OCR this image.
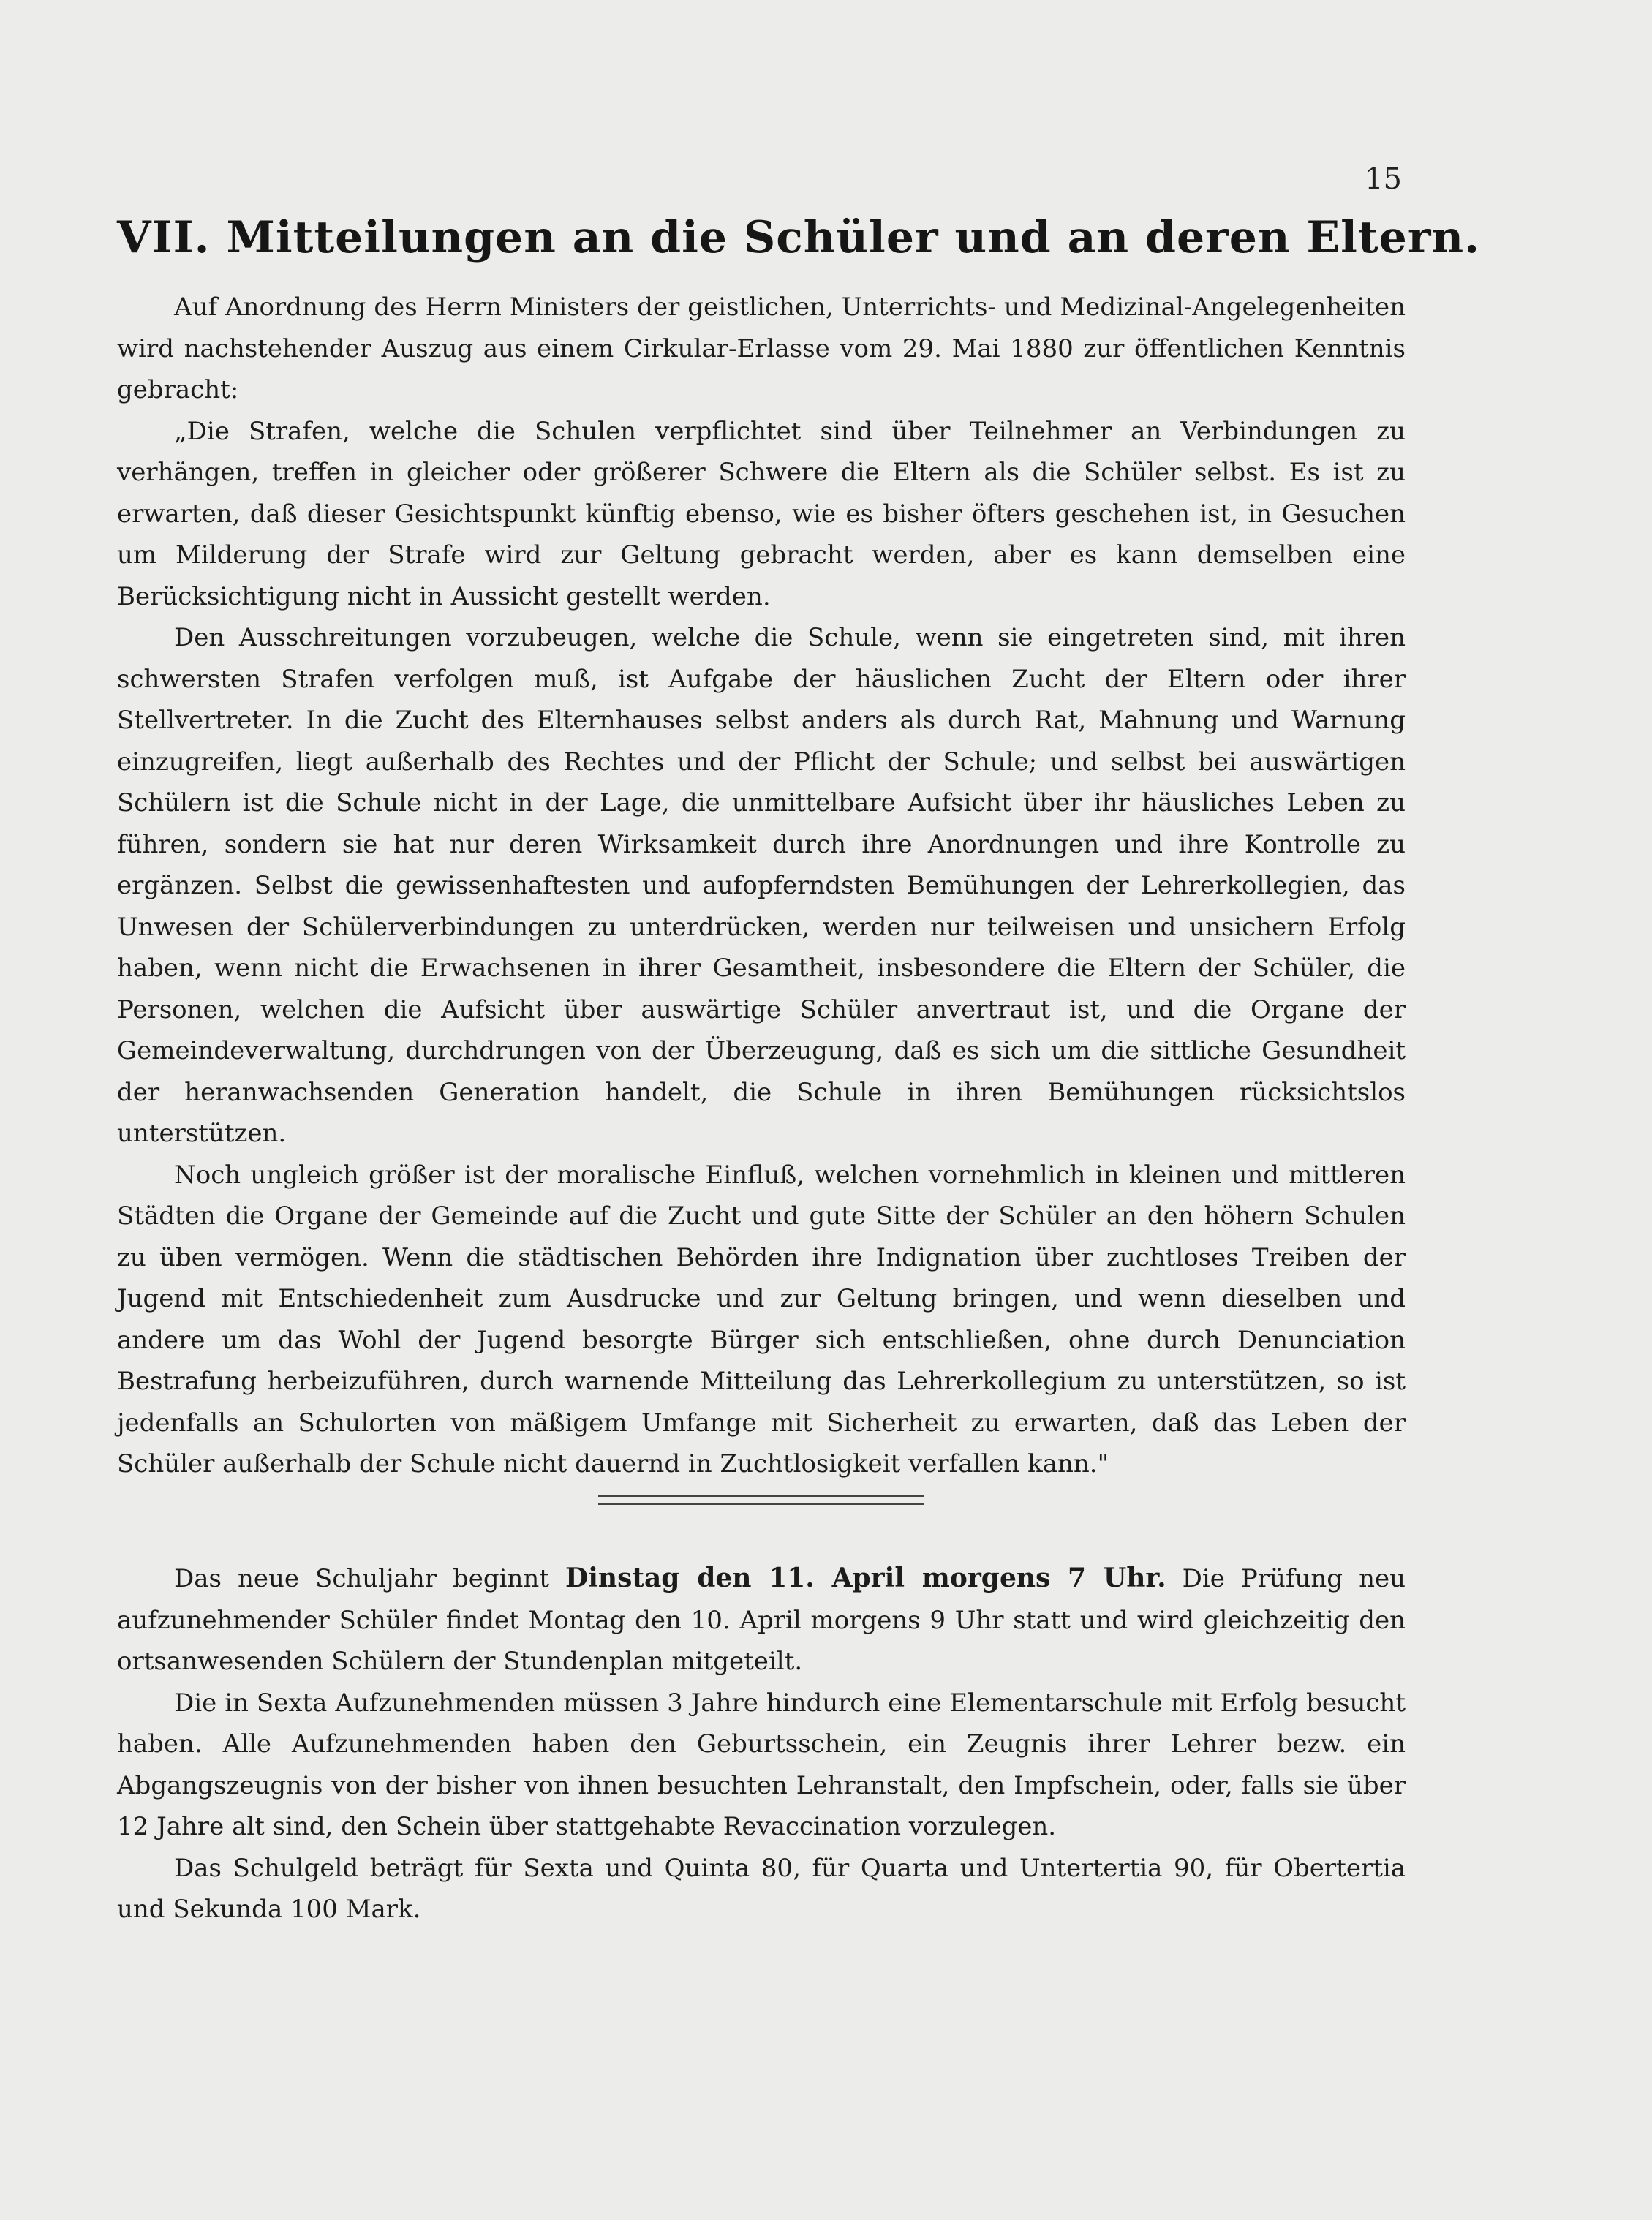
15
VII. Mitteilungen an die Schüler und an deren Eltern.

Auf Anordnung des Herrn Ministers der geistlichen, Unterrichts- und Medizinal-Angelegenheiten wird nachstehender Auszug aus einem Cirkular-Erlasse vom 29. Mai 1880 zur öffentlichen Kenntnis gebracht:

„Die Strafen, welche die Schulen verpflichtet sind über Teilnehmer an Verbindungen zu verhängen, treffen in gleicher oder größerer Schwere die Eltern als die Schüler selbst. Es ist zu erwarten, daß dieser Gesichtspunkt künftig ebenso, wie es bisher öfters geschehen ist, in Gesuchen um Milderung der Strafe wird zur Geltung gebracht werden, aber es kann demselben eine Berücksichtigung nicht in Aussicht gestellt werden.

Den Ausschreitungen vorzubeugen, welche die Schule, wenn sie eingetreten sind, mit ihren schwersten Strafen verfolgen muß, ist Aufgabe der häuslichen Zucht der Eltern oder ihrer Stellvertreter. In die Zucht des Elternhauses selbst anders als durch Rat, Mahnung und Warnung einzugreifen, liegt außerhalb des Rechtes und der Pflicht der Schule; und selbst bei auswärtigen Schülern ist die Schule nicht in der Lage, die unmittelbare Aufsicht über ihr häusliches Leben zu führen, sondern sie hat nur deren Wirksamkeit durch ihre Anordnungen und ihre Kontrolle zu ergänzen. Selbst die gewissenhaftesten und aufopferndsten Bemühungen der Lehrerkollegien, das Unwesen der Schülerverbindungen zu unterdrücken, werden nur teilweisen und unsichern Erfolg haben, wenn nicht die Erwachsenen in ihrer Gesamtheit, insbesondere die Eltern der Schüler, die Personen, welchen die Aufsicht über auswärtige Schüler anvertraut ist, und die Organe der Gemeindeverwaltung, durchdrungen von der Überzeugung, daß es sich um die sittliche Gesundheit der heranwachsenden Generation handelt, die Schule in ihren Bemühungen rücksichtslos unterstützen.

Noch ungleich größer ist der moralische Einfluß, welchen vornehmlich in kleinen und mittleren Städten die Organe der Gemeinde auf die Zucht und gute Sitte der Schüler an den höhern Schulen zu üben vermögen. Wenn die städtischen Behörden ihre Indignation über zuchtloses Treiben der Jugend mit Entschiedenheit zum Ausdrucke und zur Geltung bringen, und wenn dieselben und andere um das Wohl der Jugend besorgte Bürger sich entschließen, ohne durch Denunciation Bestrafung herbeizuführen, durch warnende Mitteilung das Lehrerkollegium zu unterstützen, so ist jedenfalls an Schulorten von mäßigem Umfange mit Sicherheit zu erwarten, daß das Leben der Schüler außerhalb der Schule nicht dauernd in Zuchtlosigkeit verfallen kann."

Das neue Schuljahr beginnt Dinstag den 11. April morgens 7 Uhr. Die Prüfung neu aufzunehmender Schüler findet Montag den 10. April morgens 9 Uhr statt und wird gleichzeitig den ortsanwesenden Schülern der Stundenplan mitgeteilt.

Die in Sexta Aufzunehmenden müssen 3 Jahre hindurch eine Elementarschule mit Erfolg besucht haben. Alle Aufzunehmenden haben den Geburtsschein, ein Zeugnis ihrer Lehrer bezw. ein Abgangszeugnis von der bisher von ihnen besuchten Lehranstalt, den Impfschein, oder, falls sie über 12 Jahre alt sind, den Schein über stattgehabte Revaccination vorzulegen.

Das Schulgeld beträgt für Sexta und Quinta 80, für Quarta und Untertertia 90, für Obertertia und Sekunda 100 Mark.
